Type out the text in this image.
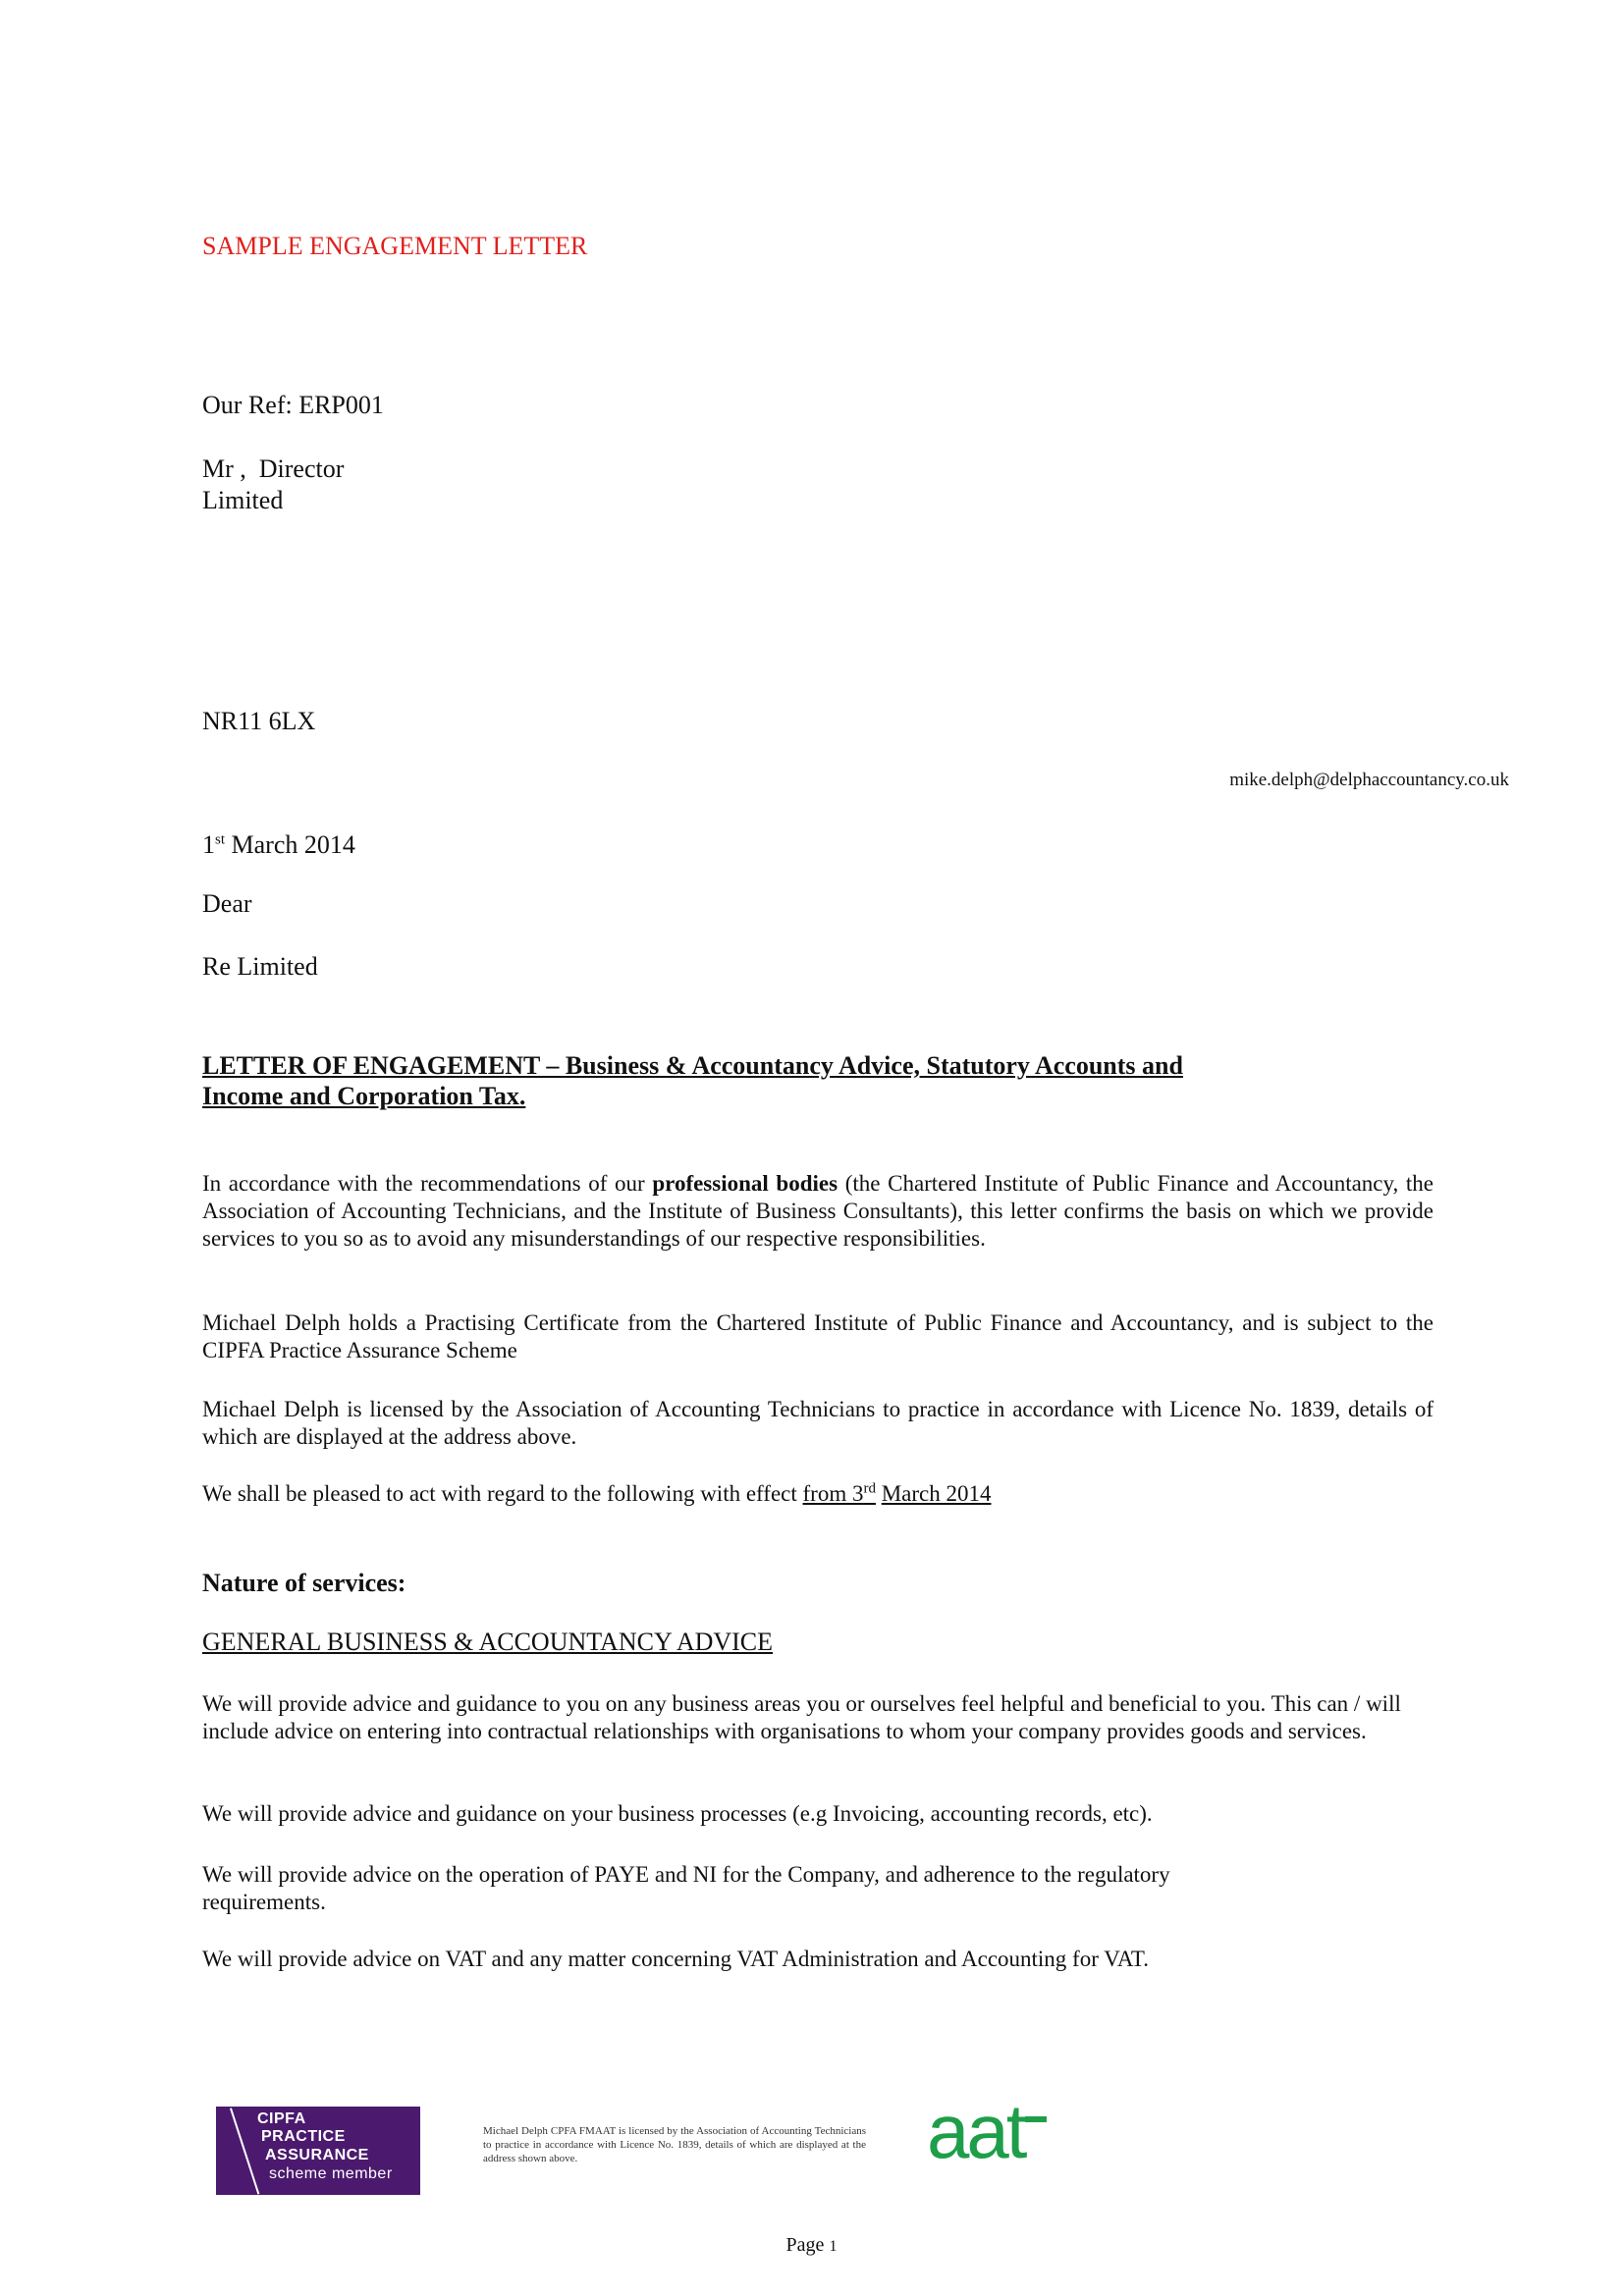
SAMPLE ENGAGEMENT LETTER
Our Ref: ERP001
Mr ,  Director
Limited
NR11 6LX
mike.delph@delphaccountancy.co.uk
1st March 2014
Dear
Re Limited
LETTER OF ENGAGEMENT – Business & Accountancy Advice, Statutory Accounts and
Income and Corporation Tax.
In accordance with the recommendations of our professional bodies (the Chartered Institute of Public Finance and Accountancy, the Association of Accounting Technicians, and the Institute of Business Consultants), this letter confirms the basis on which we provide services to you so as to avoid any misunderstandings of our respective responsibilities.
Michael Delph holds a Practising Certificate from the Chartered Institute of Public Finance and Accountancy, and is subject to the CIPFA Practice Assurance Scheme
Michael Delph is licensed by the Association of Accounting Technicians to practice in accordance with Licence No. 1839, details of which are displayed at the address above.
We shall be pleased to act with regard to the following with effect from 3rd March 2014
Nature of services:
GENERAL BUSINESS & ACCOUNTANCY ADVICE
We will provide advice and guidance to you on any business areas you or ourselves feel helpful and beneficial to you. This can / will include advice on entering into contractual relationships with organisations to whom your company provides goods and services.
We will provide advice and guidance on your business processes (e.g Invoicing, accounting records, etc).
We will provide advice on the operation of PAYE and NI for the Company, and adherence to the regulatory requirements.
We will provide advice on VAT and any matter concerning VAT Administration and Accounting for VAT.
CIPFA
PRACTICE
ASSURANCE
scheme member
Michael Delph CPFA FMAAT is licensed by the Association of Accounting Technicians to practice in accordance with Licence No. 1839, details of which are displayed at the address shown above.	aat
Page 1
